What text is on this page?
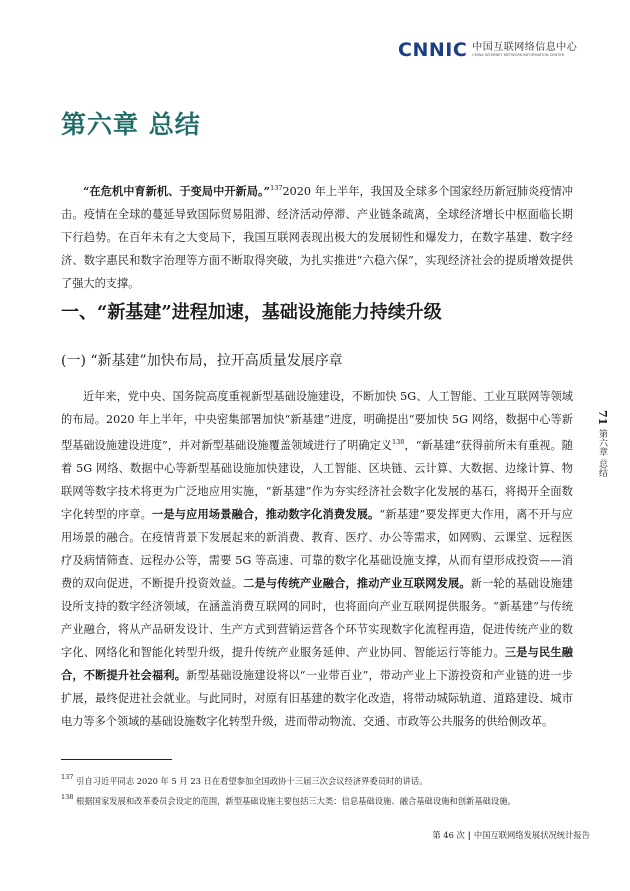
CNNIC 中国互联网络信息中心
CHINA INTERNET NETWORK INFORMATION CENTER
第六章 总结
“在危机中育新机、于变局中开新局。”$^{137}$2020 年上半年，我国及全球多个国家经历新冠肺炎疫情冲击。疫情在全球的蔓延导致国际贸易阻滞、经济活动停滞、产业链条疏离，全球经济增长中枢面临长期下行趋势。在百年未有之大变局下，我国互联网表现出极大的发展韧性和爆发力，在数字基建、数字经济、数字惠民和数字治理等方面不断取得突破，为扎实推进“六稳六保”，实现经济社会的提质增效提供了强大的支撑。
一、“新基建”进程加速，基础设施能力持续升级
(一) “新基建”加快布局，拉开高质量发展序章
近年来，党中央、国务院高度重视新型基础设施建设，不断加快 5G、人工智能、工业互联网等领域的布局。2020 年上半年，中央密集部署加快“新基建”进度，明确提出“要加快 5G 网络，数据中心等新型基础设施建设进度”，并对新型基础设施覆盖领域进行了明确定义$^{138}$，“新基建”获得前所未有重视。随着 5G 网络、数据中心等新型基础设施加快建设，人工智能、区块链、云计算、大数据、边缘计算、物联网等数字技术将更为广泛地应用实施，“新基建”作为夯实经济社会数字化发展的基石，将揭开全面数字化转型的序章。一是与应用场景融合，推动数字化消费发展。“新基建”要发挥更大作用，离不开与应用场景的融合。在疫情背景下发展起来的新消费、教育、医疗、办公等需求，如网购、云课堂、远程医疗及病情筛查、远程办公等，需要 5G 等高速、可靠的数字化基础设施支撑，从而有望形成投资——消费的双向促进，不断提升投资效益。二是与传统产业融合，推动产业互联网发展。新一轮的基础设施建设所支持的数字经济领域，在涵盖消费互联网的同时，也将面向产业互联网提供服务。“新基建”与传统产业融合，将从产品研发设计、生产方式到营销运营各个环节实现数字化流程再造，促进传统产业的数字化、网络化和智能化转型升级，提升传统产业服务延伸、产业协同、智能运行等能力。三是与民生融合，不断提升社会福利。新型基础设施建设将以“一业带百业”，带动产业上下游投资和产业链的进一步扩展，最终促进社会就业。与此同时，对原有旧基建的数字化改造，将带动城际轨道、道路建设、城市电力等多个领域的基础设施数字化转型升级，进而带动物流、交通、市政等公共服务的供给侧改革。
$^{137}$ 引自习近平同志 2020 年 5 月 23 日在看望参加全国政协十三届三次会议经济界委员时的讲话。
$^{138}$ 根据国家发展和改革委员会设定的范围，新型基础设施主要包括三大类：信息基础设施、融合基础设施和创新基础设施。
71
第六章 总结
第 46 次 | 中国互联网络发展状况统计报告
